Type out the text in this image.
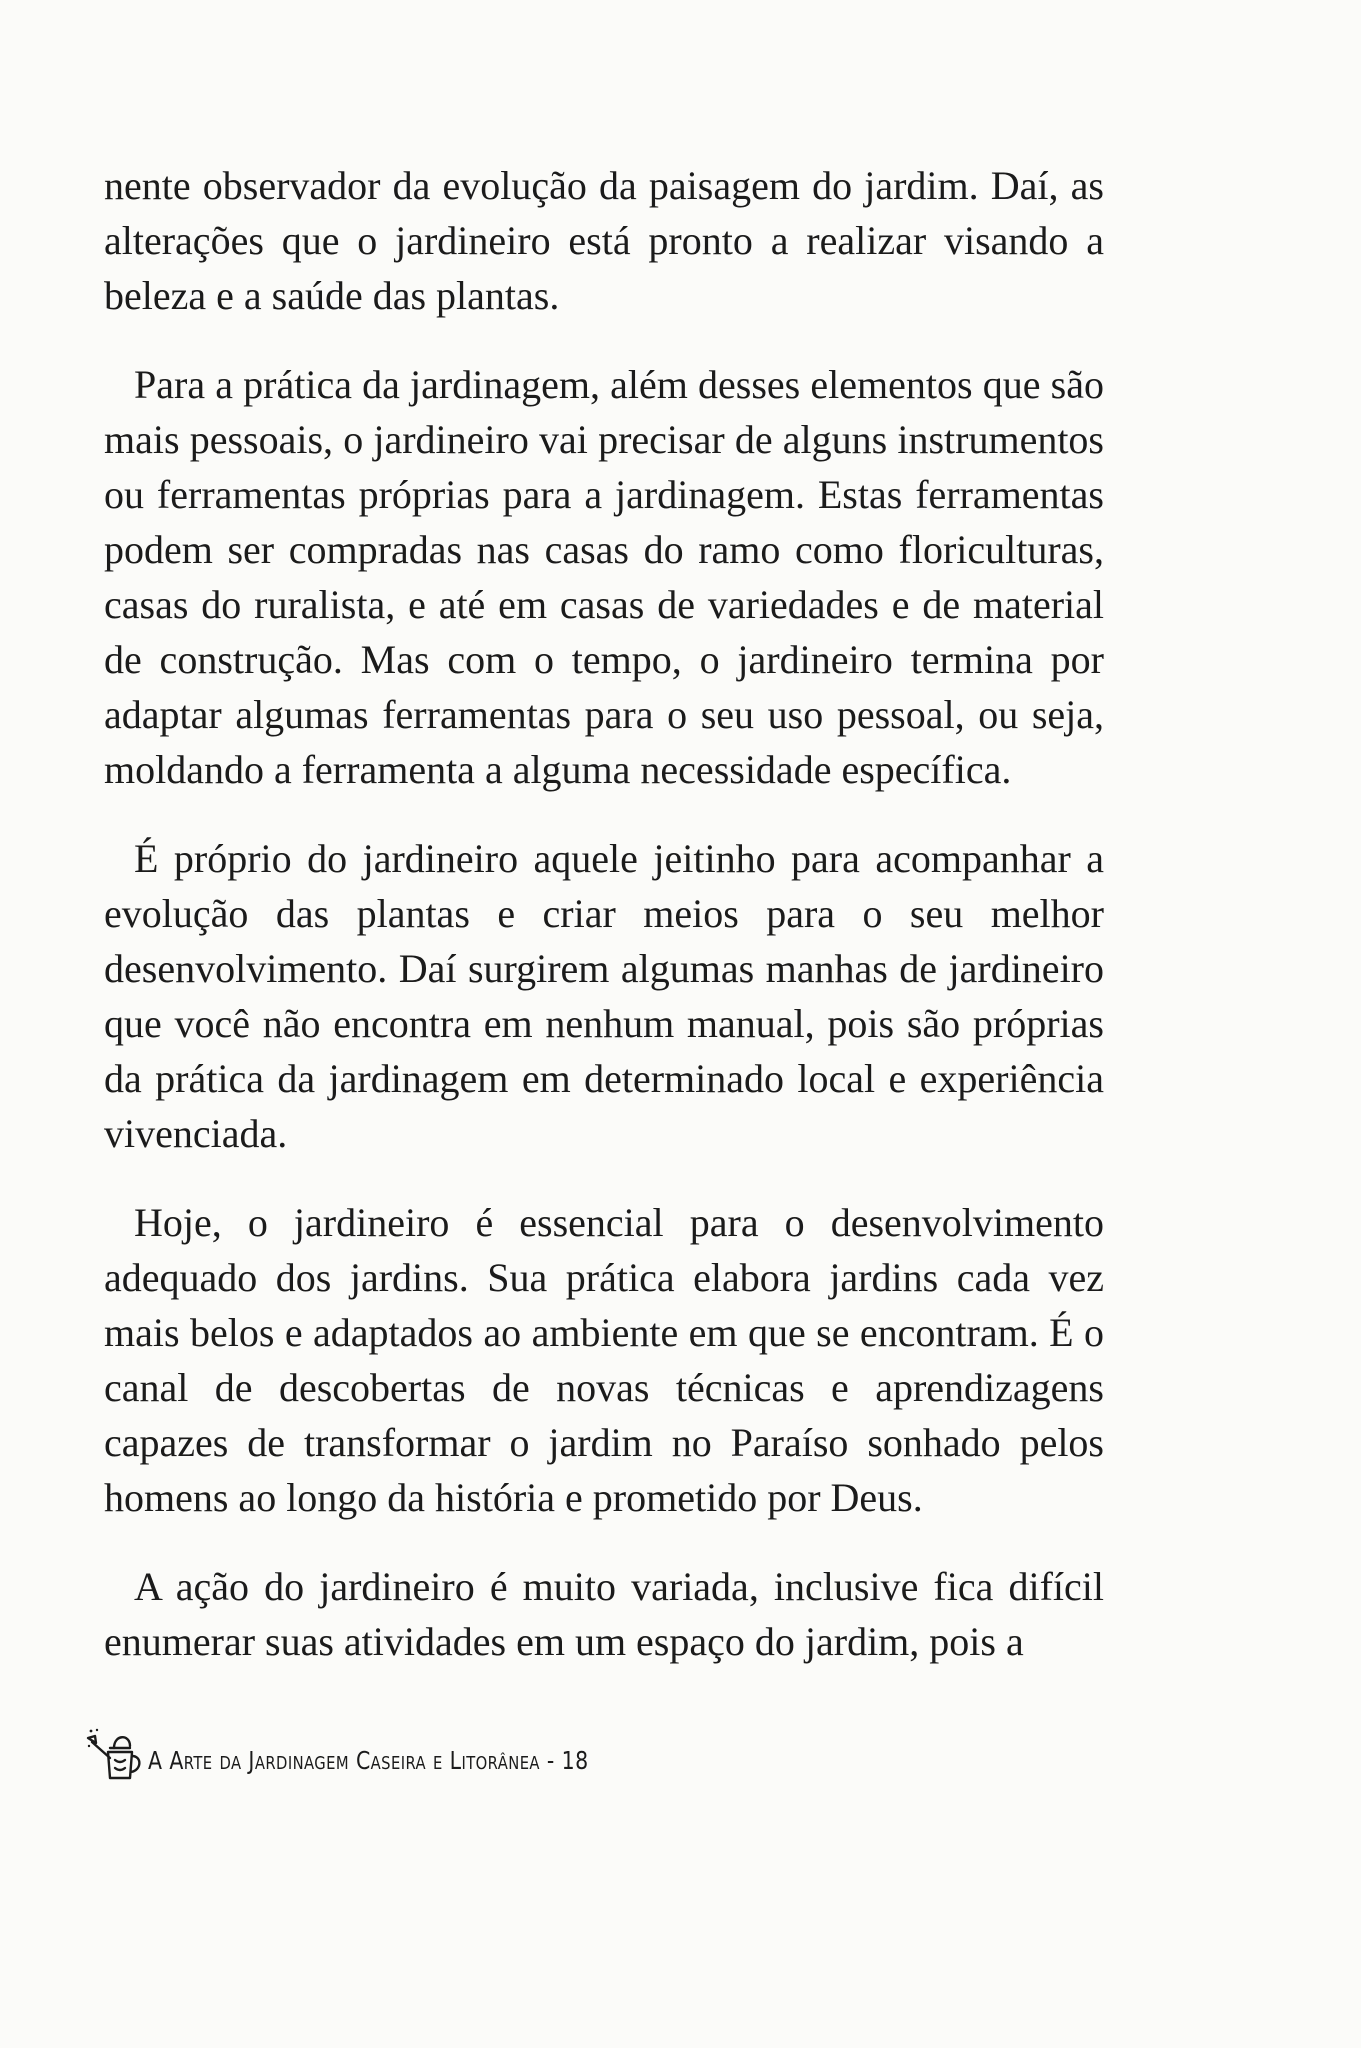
nente observador da evolução da paisagem do jardim. Daí, as alterações que o jardineiro está pronto a realizar visando a beleza e a saúde das plantas.

Para a prática da jardinagem, além desses elementos que são mais pessoais, o jardineiro vai precisar de alguns instrumentos ou ferramentas próprias para a jardinagem. Estas ferramentas podem ser compradas nas casas do ramo como floriculturas, casas do ruralista, e até em casas de variedades e de material de construção. Mas com o tempo, o jardineiro termina por adaptar algumas ferramentas para o seu uso pessoal, ou seja, moldando a ferramenta a alguma necessidade específica.

É próprio do jardineiro aquele jeitinho para acompanhar a evolução das plantas e criar meios para o seu melhor desenvolvimento. Daí surgirem algumas manhas de jardineiro que você não encontra em nenhum manual, pois são próprias da prática da jardinagem em determinado local e experiência vivenciada.

Hoje, o jardineiro é essencial para o desenvolvimento adequado dos jardins. Sua prática elabora jardins cada vez mais belos e adaptados ao ambiente em que se encontram. É o canal de descobertas de novas técnicas e aprendizagens capazes de transformar o jardim no Paraíso sonhado pelos homens ao longo da história e prometido por Deus.

A ação do jardineiro é muito variada, inclusive fica difícil enumerar suas atividades em um espaço do jardim, pois a

A Arte da Jardinagem Caseira e Litorânea - 18
